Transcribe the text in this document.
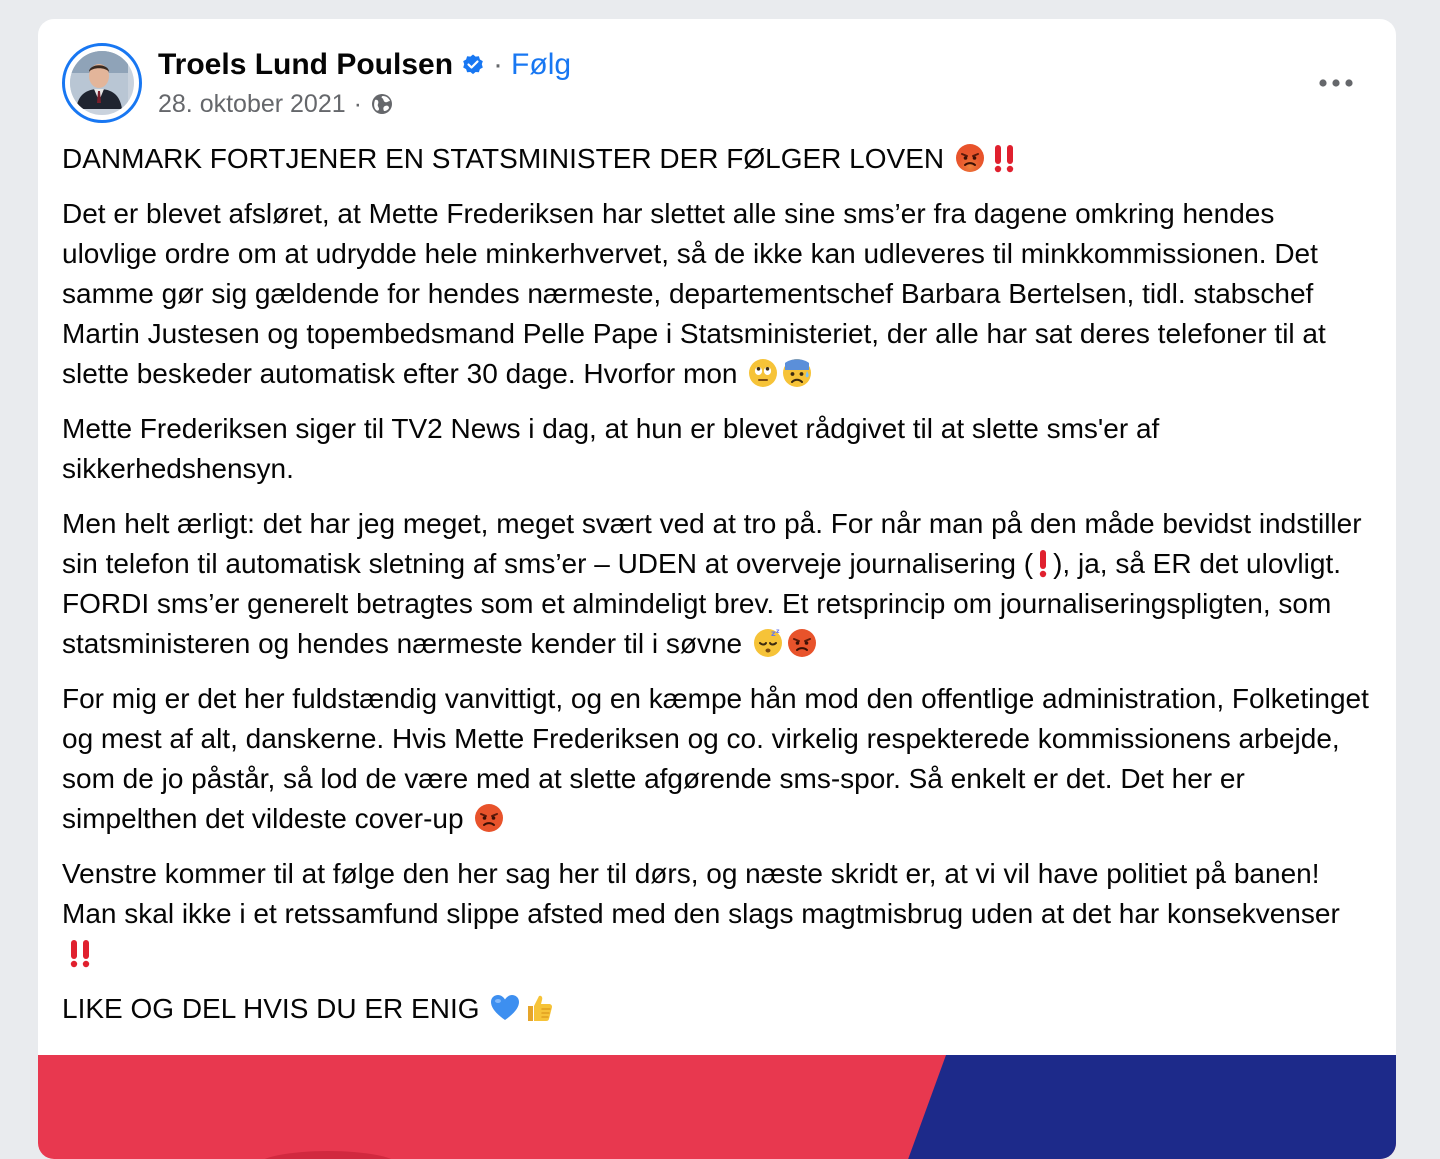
Troels Lund Poulsen · Følg
28. oktober 2021 ·

DANMARK FORTJENER EN STATSMINISTER DER FØLGER LOVEN

Det er blevet afsløret, at Mette Frederiksen har slettet alle sine sms’er fra dagene omkring hendes ulovlige ordre om at udrydde hele minkerhvervet, så de ikke kan udleveres til minkkommissionen. Det samme gør sig gældende for hendes nærmeste, departementschef Barbara Bertelsen, tidl. stabschef Martin Justesen og topembedsmand Pelle Pape i Statsministeriet, der alle har sat deres telefoner til at slette beskeder automatisk efter 30 dage. Hvorfor mon

Mette Frederiksen siger til TV2 News i dag, at hun er blevet rådgivet til at slette sms'er af sikkerhedshensyn.

Men helt ærligt: det har jeg meget, meget svært ved at tro på. For når man på den måde bevidst indstiller sin telefon til automatisk sletning af sms’er – UDEN at overveje journalisering ( ), ja, så ER det ulovligt. FORDI sms’er generelt betragtes som et almindeligt brev. Et retsprincip om journaliseringspligten, som statsministeren og hendes nærmeste kender til i søvne	z z

For mig er det her fuldstændig vanvittigt, og en kæmpe hån mod den offentlige administration, Folketinget og mest af alt, danskerne. Hvis Mette Frederiksen og co. virkelig respekterede kommissionens arbejde, som de jo påstår, så lod de være med at slette afgørende sms-spor. Så enkelt er det. Det her er simpelthen det vildeste cover-up

Venstre kommer til at følge den her sag her til dørs, og næste skridt er, at vi vil have politiet på banen! Man skal ikke i et retssamfund slippe afsted med den slags magtmisbrug uden at det har konsekvenser

LIKE OG DEL HVIS DU ER ENIG
